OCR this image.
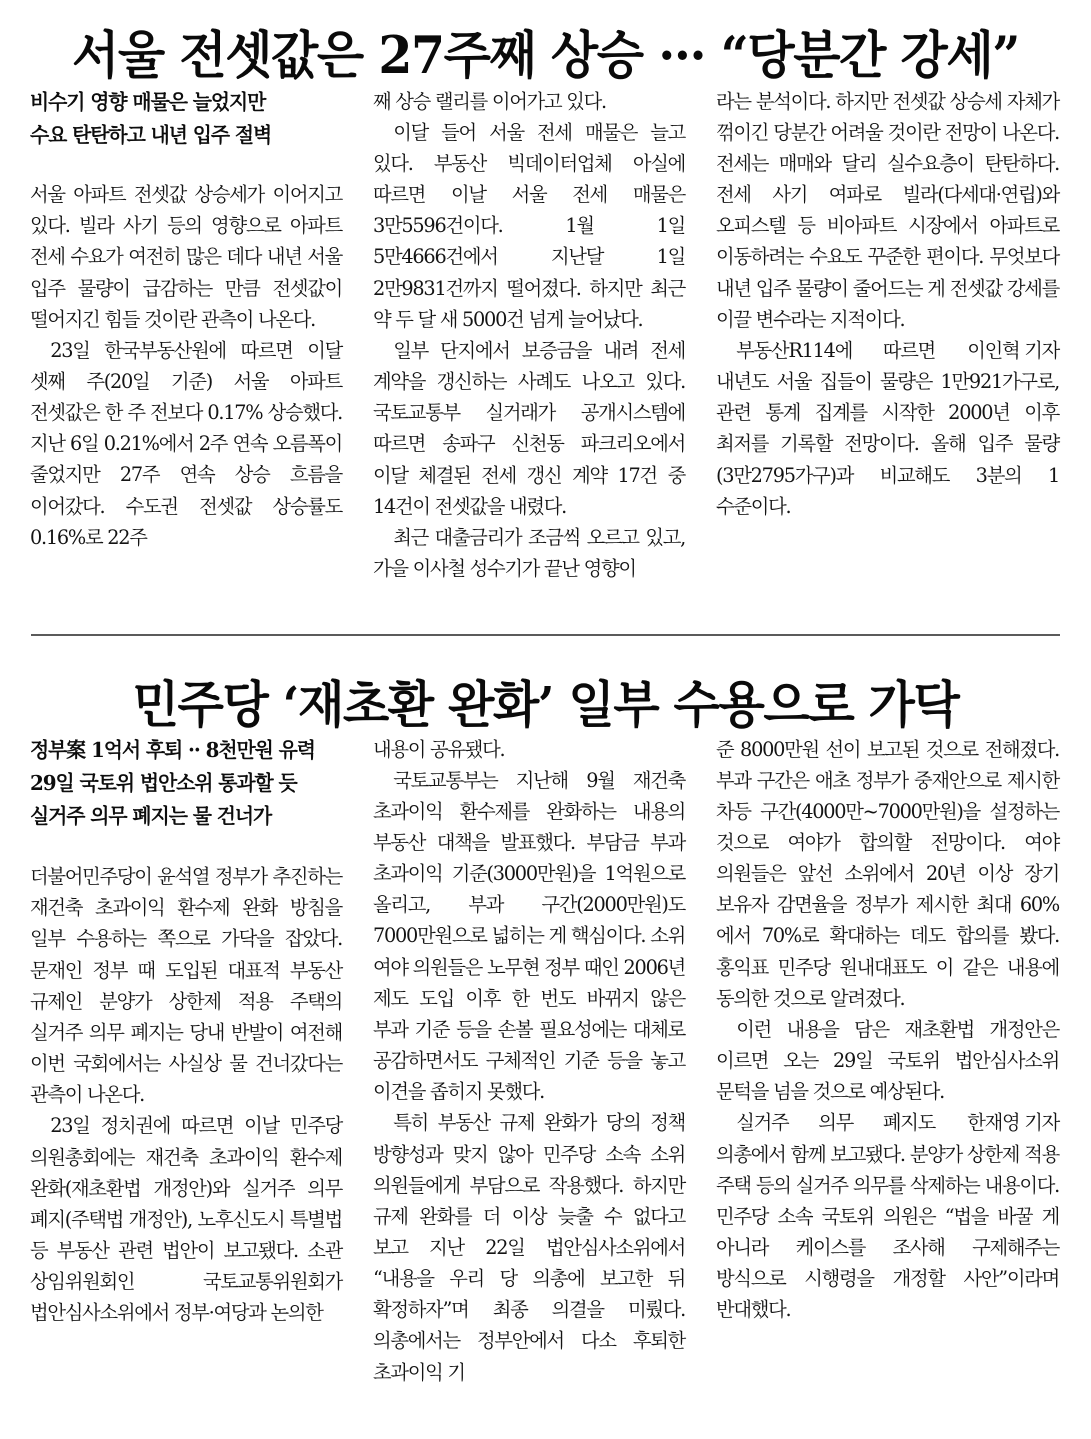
서울 전셋값은 27주째 상승 ··· “당분간 강세”
비수기 영향 매물은 늘었지만
수요 탄탄하고 내년 입주 절벽

서울 아파트 전셋값 상승세가 이어지고 있다. 빌라 사기 등의 영향으로 아파트 전세 수요가 여전히 많은 데다 내년 서울 입주 물량이 급감하는 만큼 전셋값이 떨어지긴 힘들 것이란 관측이 나온다.

23일 한국부동산원에 따르면 이달 셋째 주(20일 기준) 서울 아파트 전셋값은 한 주 전보다 0.17% 상승했다. 지난 6일 0.21%에서 2주 연속 오름폭이 줄었지만 27주 연속 상승 흐름을 이어갔다. 수도권 전셋값 상승률도 0.16%로 22주

째 상승 랠리를 이어가고 있다.

이달 들어 서울 전세 매물은 늘고 있다. 부동산 빅데이터업체 아실에 따르면 이날 서울 전세 매물은 3만5596건이다. 1월 1일 5만4666건에서 지난달 1일 2만9831건까지 떨어졌다. 하지만 최근 약 두 달 새 5000건 넘게 늘어났다.

일부 단지에서 보증금을 내려 전세 계약을 갱신하는 사례도 나오고 있다. 국토교통부 실거래가 공개시스템에 따르면 송파구 신천동 파크리오에서 이달 체결된 전세 갱신 계약 17건 중 14건이 전셋값을 내렸다.

최근 대출금리가 조금씩 오르고 있고, 가을 이사철 성수기가 끝난 영향이

라는 분석이다. 하지만 전셋값 상승세 자체가 꺾이긴 당분간 어려울 것이란 전망이 나온다. 전세는 매매와 달리 실수요층이 탄탄하다. 전세 사기 여파로 빌라(다세대·연립)와 오피스텔 등 비아파트 시장에서 아파트로 이동하려는 수요도 꾸준한 편이다. 무엇보다 내년 입주 물량이 줄어드는 게 전셋값 강세를 이끌 변수라는 지적이다.

이인혁 기자
부동산R114에 따르면 내년도 서울 집들이 물량은 1만921가구로, 관련 통계 집계를 시작한 2000년 이후 최저를 기록할 전망이다. 올해 입주 물량(3만2795가구)과 비교해도 3분의 1 수준이다.

민주당 ‘재초환 완화’ 일부 수용으로 가닥
정부案 1억서 후퇴 ·· 8천만원 유력
29일 국토위 법안소위 통과할 듯
실거주 의무 폐지는 물 건너가

더불어민주당이 윤석열 정부가 추진하는 재건축 초과이익 환수제 완화 방침을 일부 수용하는 쪽으로 가닥을 잡았다. 문재인 정부 때 도입된 대표적 부동산 규제인 분양가 상한제 적용 주택의 실거주 의무 폐지는 당내 반발이 여전해 이번 국회에서는 사실상 물 건너갔다는 관측이 나온다.

23일 정치권에 따르면 이날 민주당 의원총회에는 재건축 초과이익 환수제 완화(재초환법 개정안)와 실거주 의무 폐지(주택법 개정안), 노후신도시 특별법 등 부동산 관련 법안이 보고됐다. 소관 상임위원회인 국토교통위원회가 법안심사소위에서 정부·여당과 논의한

내용이 공유됐다.

국토교통부는 지난해 9월 재건축 초과이익 환수제를 완화하는 내용의 부동산 대책을 발표했다. 부담금 부과 초과이익 기준(3000만원)을 1억원으로 올리고, 부과 구간(2000만원)도 7000만원으로 넓히는 게 핵심이다. 소위 여야 의원들은 노무현 정부 때인 2006년 제도 도입 이후 한 번도 바뀌지 않은 부과 기준 등을 손볼 필요성에는 대체로 공감하면서도 구체적인 기준 등을 놓고 이견을 좁히지 못했다.

특히 부동산 규제 완화가 당의 정책 방향성과 맞지 않아 민주당 소속 소위 의원들에게 부담으로 작용했다. 하지만 규제 완화를 더 이상 늦출 수 없다고 보고 지난 22일 법안심사소위에서 “내용을 우리 당 의총에 보고한 뒤 확정하자”며 최종 의결을 미뤘다. 의총에서는 정부안에서 다소 후퇴한 초과이익 기

준 8000만원 선이 보고된 것으로 전해졌다. 부과 구간은 애초 정부가 중재안으로 제시한 차등 구간(4000만~7000만원)을 설정하는 것으로 여야가 합의할 전망이다. 여야 의원들은 앞선 소위에서 20년 이상 장기 보유자 감면율을 정부가 제시한 최대 60%에서 70%로 확대하는 데도 합의를 봤다. 홍익표 민주당 원내대표도 이 같은 내용에 동의한 것으로 알려졌다.

이런 내용을 담은 재초환법 개정안은 이르면 오는 29일 국토위 법안심사소위 문턱을 넘을 것으로 예상된다.

한재영 기자
실거주 의무 폐지도 의총에서 함께 보고됐다. 분양가 상한제 적용 주택 등의 실거주 의무를 삭제하는 내용이다. 민주당 소속 국토위 의원은 “법을 바꿀 게 아니라 케이스를 조사해 구제해주는 방식으로 시행령을 개정할 사안”이라며 반대했다.
